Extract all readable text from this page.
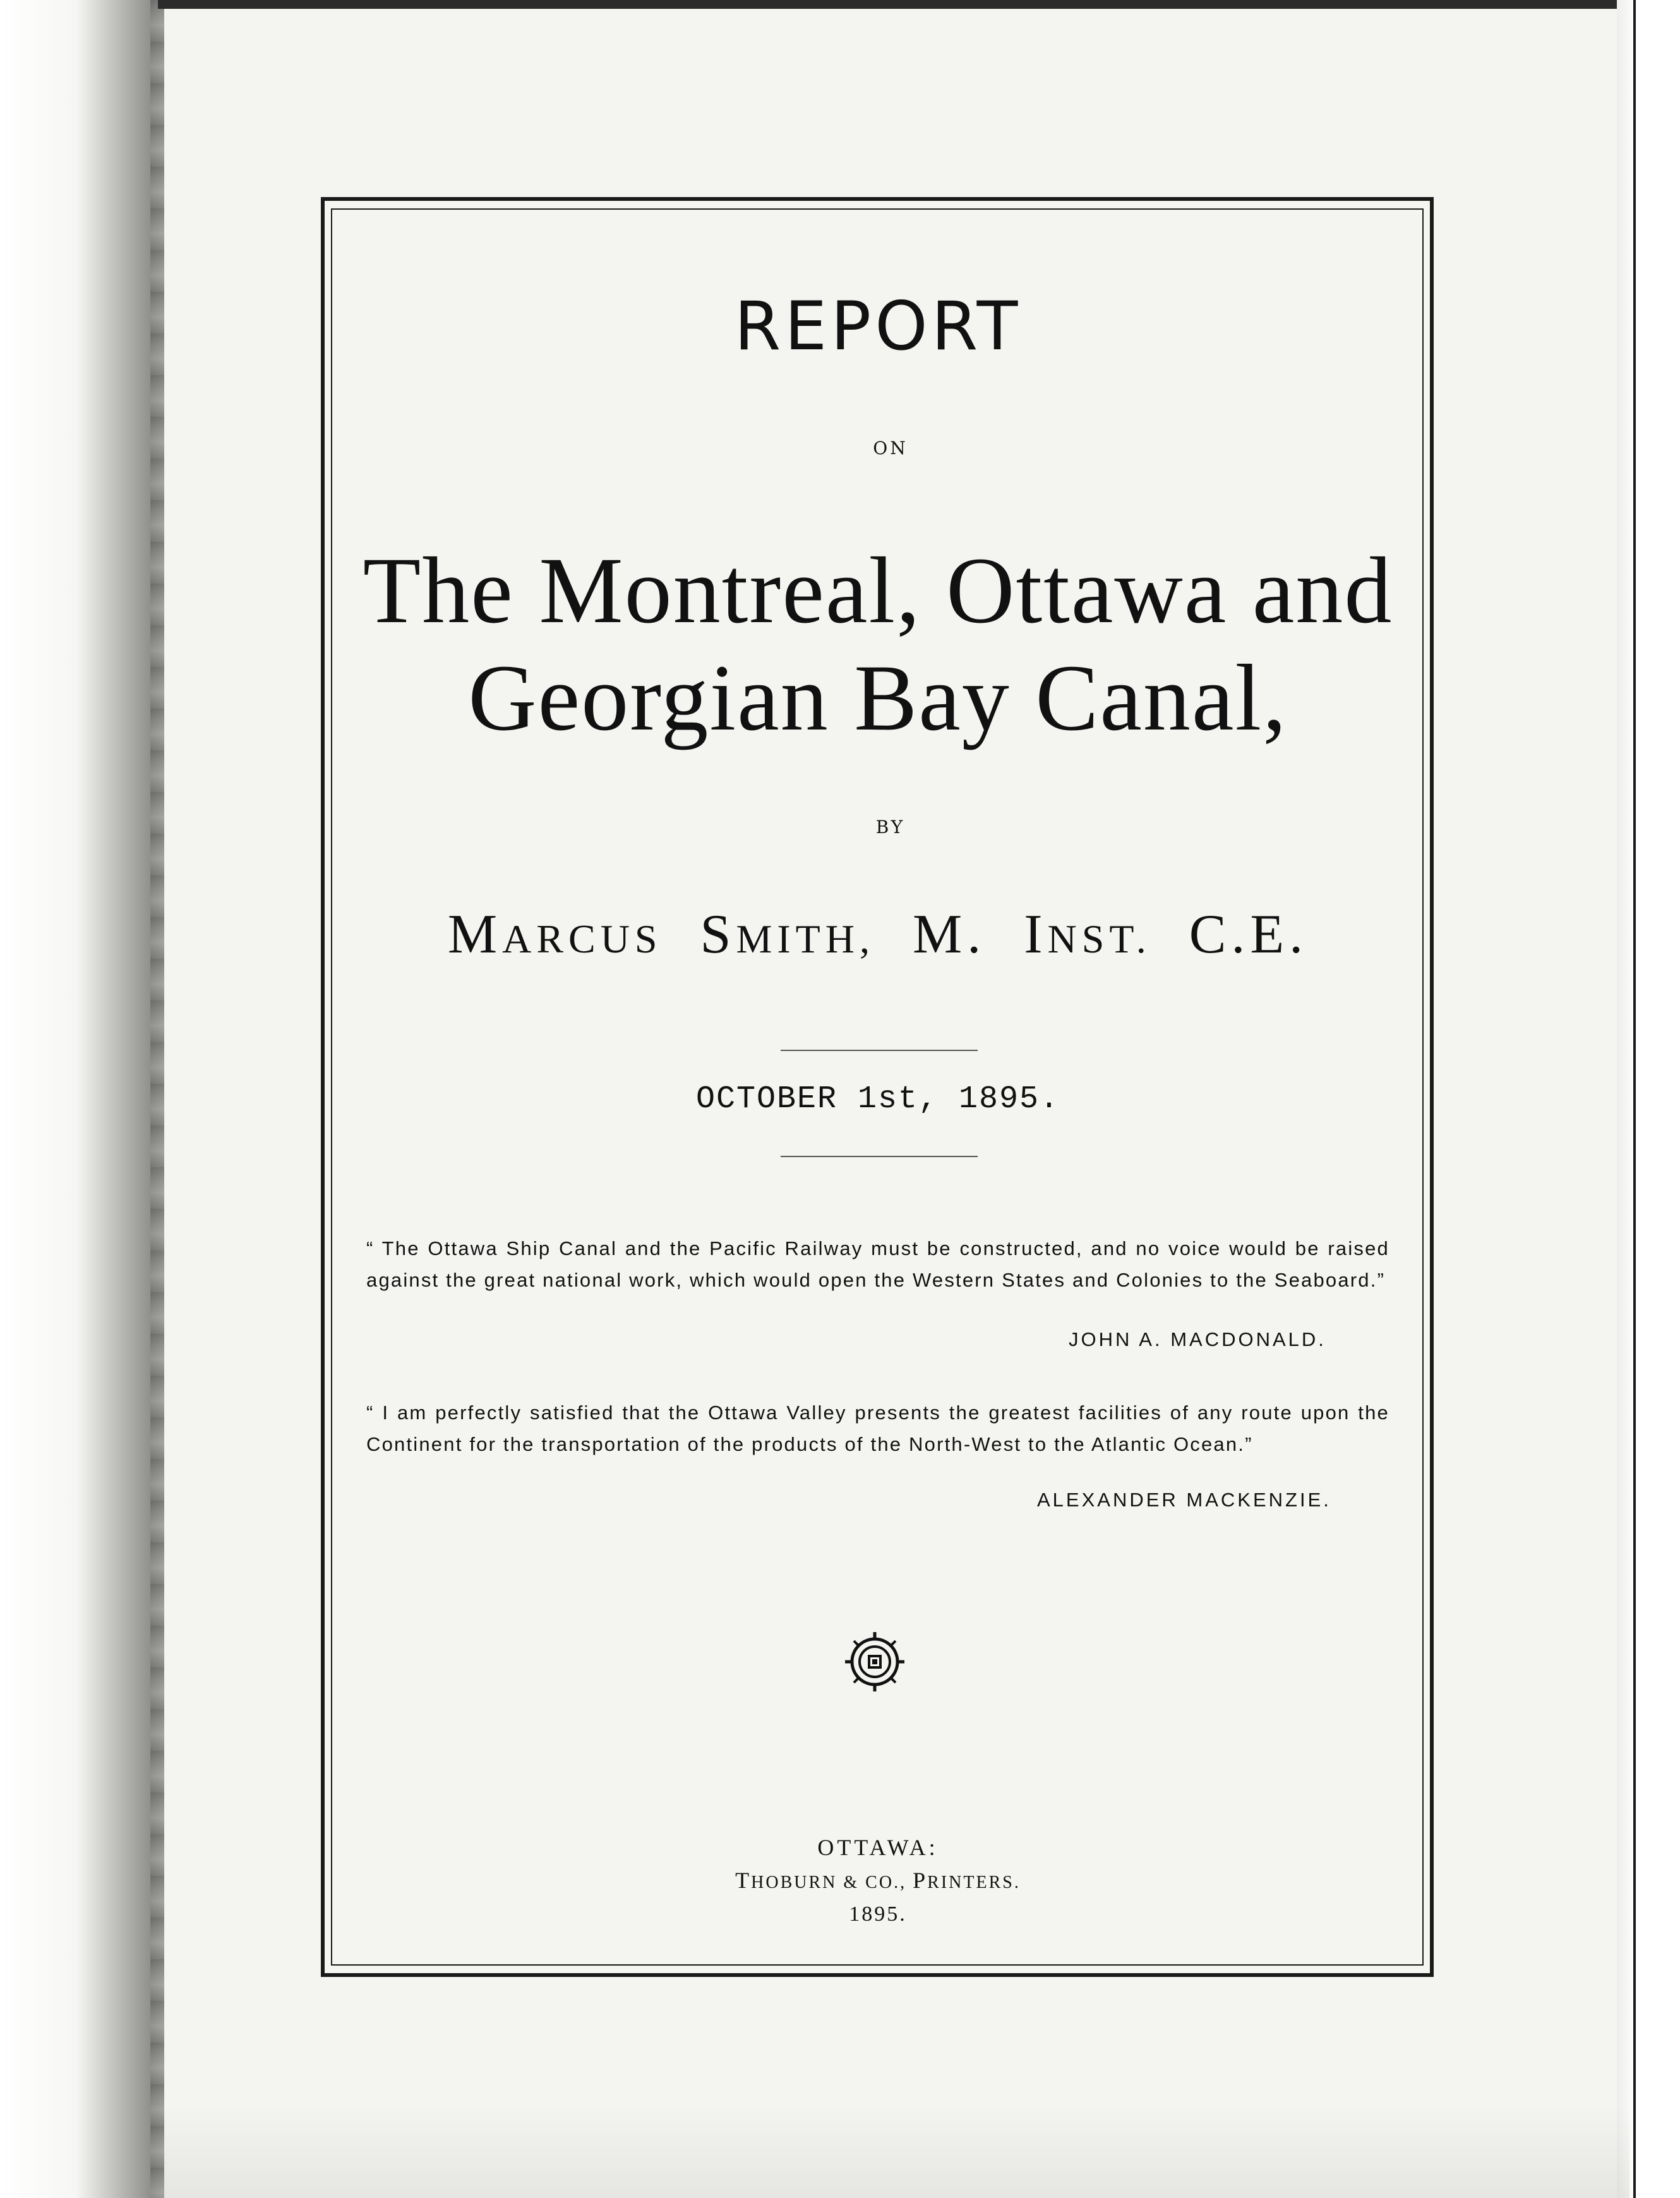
REPORT
ON
The Montreal, Ottawa and
Georgian Bay Canal,
BY
MARCUS SMITH, M. INST. C.E.
OCTOBER 1st, 1895.
“ The Ottawa Ship Canal and the Pacific Railway must be constructed, and no voice would be raised against the great national work, which would open the Western States and Colonies to the Seaboard.”
JOHN A. MACDONALD.
“ I am perfectly satisfied that the Ottawa Valley presents the greatest facilities of any route upon the Continent for the transportation of the products of the North-West to the Atlantic Ocean.”
ALEXANDER MACKENZIE.
OTTAWA:
THOBURN & CO., PRINTERS.
1895.
